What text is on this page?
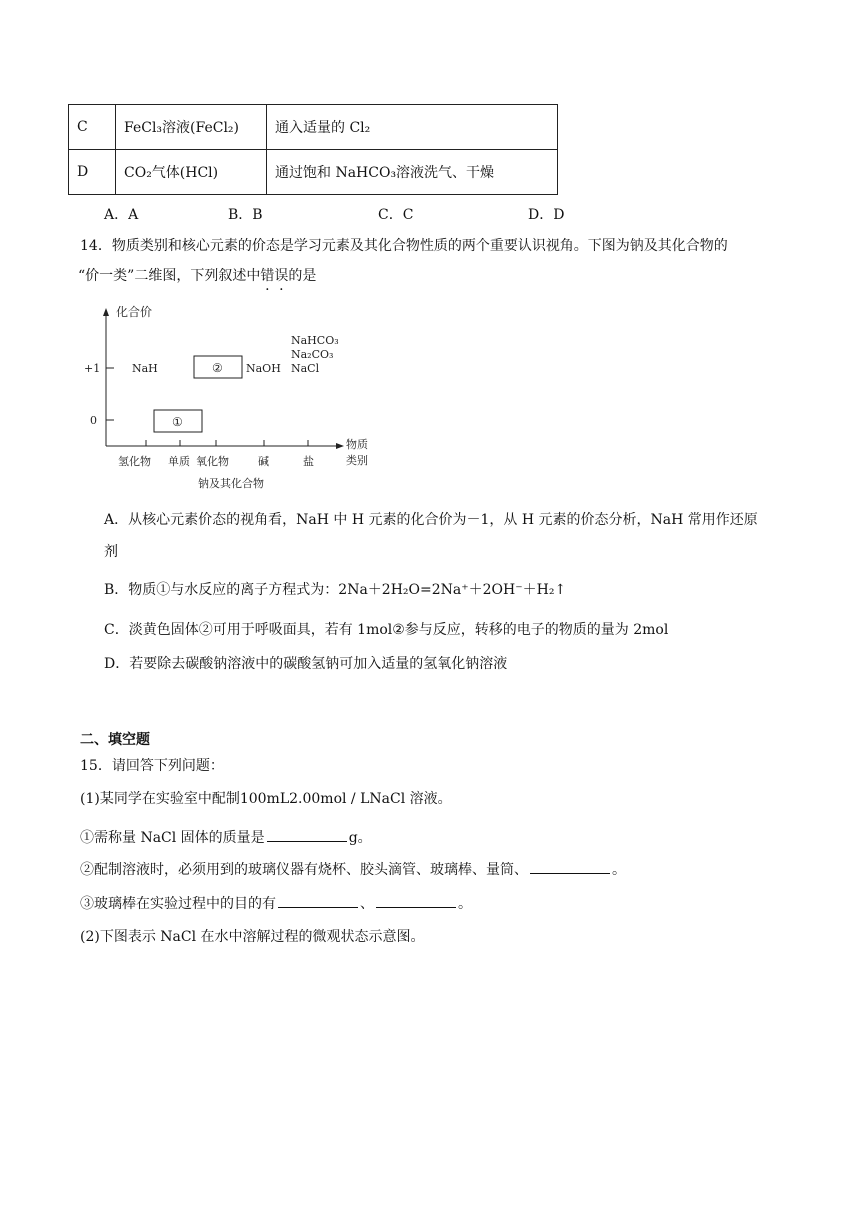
C	FeCl₃溶液(FeCl₂)	通入适量的 Cl₂
D	CO₂气体(HCl)	通过饱和 NaHCO₃溶液洗气、干燥
A．A	B．B	C．C	D．D
14．物质类别和核心元素的价态是学习元素及其化合物性质的两个重要认识视角。下图为钠及其化合物的
“价一类”二维图，下列叙述中错误的是
化合价
+1
0
氢化物 单质 氧化物	碱	盐
物质
类别
钠及其化合物
NaH	② NaOH
NaHCO₃
Na₂CO₃
NaCl
①
A．从核心元素价态的视角看，NaH 中 H 元素的化合价为－1，从 H 元素的价态分析，NaH 常用作还原
剂
B．物质①与水反应的离子方程式为：2Na＋2H₂O=2Na⁺＋2OH⁻＋H₂↑
C．淡黄色固体②可用于呼吸面具，若有 1mol②参与反应，转移的电子的物质的量为 2mol
D．若要除去碳酸钠溶液中的碳酸氢钠可加入适量的氢氧化钠溶液
二、填空题
15．请回答下列问题：
(1)某同学在实验室中配制100mL2.00mol / LNaCl 溶液。
①需称量 NaCl 固体的质量是	g。
②配制溶液时，必须用到的玻璃仪器有烧杯、胶头滴管、玻璃棒、量筒、	。
③玻璃棒在实验过程中的目的有	、	。
(2)下图表示 NaCl 在水中溶解过程的微观状态示意图。
